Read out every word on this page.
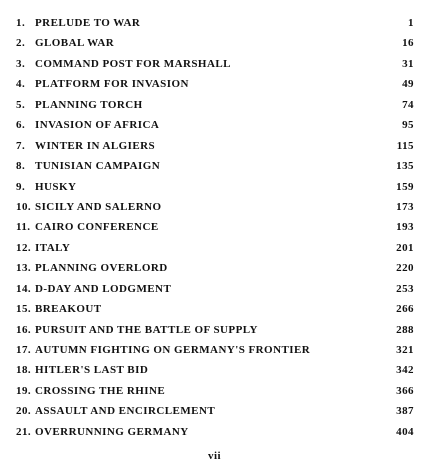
1. PRELUDE TO WAR	1
2. GLOBAL WAR	16
3. COMMAND POST FOR MARSHALL	31
4. PLATFORM FOR INVASION	49
5. PLANNING TORCH	74
6. INVASION OF AFRICA	95
7. WINTER IN ALGIERS	115
8. TUNISIAN CAMPAIGN	135
9. HUSKY	159
10. SICILY AND SALERNO	173
11. CAIRO CONFERENCE	193
12. ITALY	201
13. PLANNING OVERLORD	220
14. D-DAY AND LODGMENT	253
15. BREAKOUT	266
16. PURSUIT AND THE BATTLE OF SUPPLY	288
17. AUTUMN FIGHTING ON GERMANY'S FRONTIER	321
18. HITLER'S LAST BID	342
19. CROSSING THE RHINE	366
20. ASSAULT AND ENCIRCLEMENT	387
21. OVERRUNNING GERMANY	404
vii
